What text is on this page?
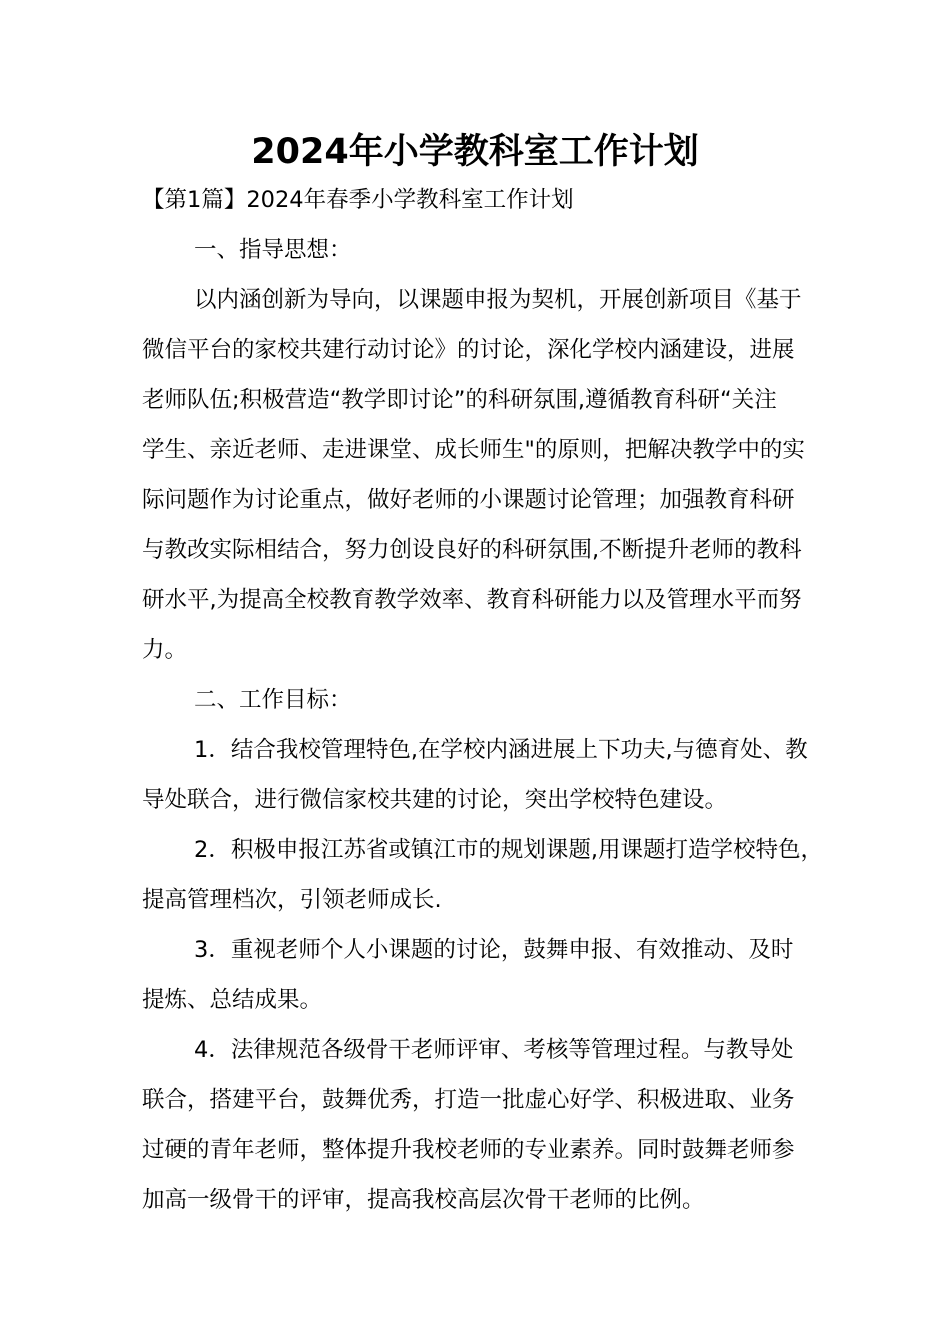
2024年小学教科室工作计划
【第1篇】2024年春季小学教科室工作计划
一、指导思想：
以内涵创新为导向，以课题申报为契机，开展创新项目《基于
微信平台的家校共建行动讨论》的讨论，深化学校内涵建设，进展
老师队伍;积极营造“教学即讨论”的科研氛围,遵循教育科研“关注
学生、亲近老师、走进课堂、成长师生"的原则，把解决教学中的实
际问题作为讨论重点，做好老师的小课题讨论管理；加强教育科研
与教改实际相结合，努力创设良好的科研氛围,不断提升老师的教科
研水平,为提高全校教育教学效率、教育科研能力以及管理水平而努
力。
二、工作目标：
1．结合我校管理特色,在学校内涵进展上下功夫,与德育处、教
导处联合，进行微信家校共建的讨论，突出学校特色建设。
2．积极申报江苏省或镇江市的规划课题,用课题打造学校特色，
提高管理档次，引领老师成长.
3．重视老师个人小课题的讨论，鼓舞申报、有效推动、及时
提炼、总结成果。
4．法律规范各级骨干老师评审、考核等管理过程。与教导处
联合，搭建平台，鼓舞优秀，打造一批虚心好学、积极进取、业务
过硬的青年老师，整体提升我校老师的专业素养。同时鼓舞老师参
加高一级骨干的评审，提高我校高层次骨干老师的比例。
